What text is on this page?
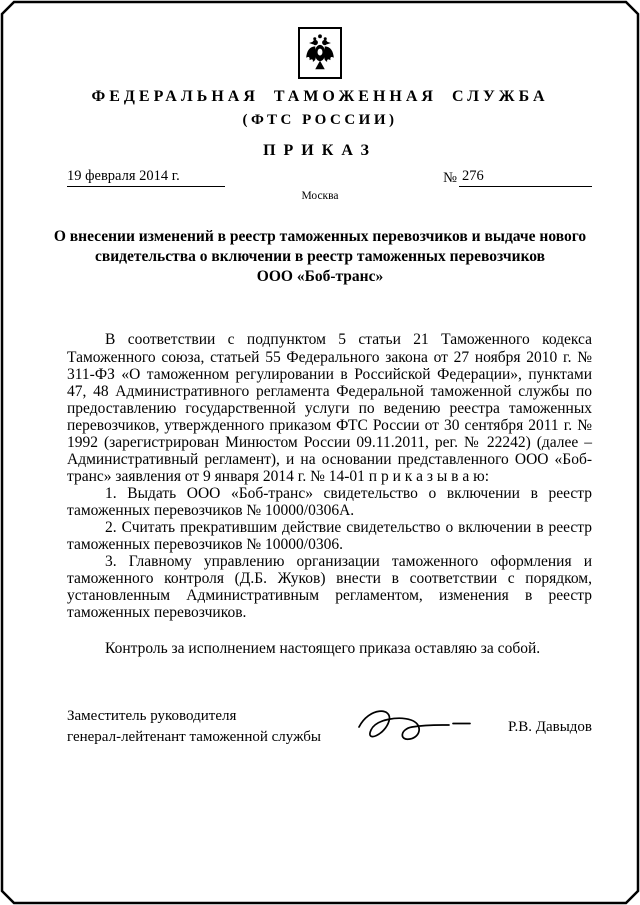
ФЕДЕРАЛЬНАЯ ТАМОЖЕННАЯ СЛУЖБА
(ФТС РОССИИ)
ПРИКАЗ
19 февраля 2014 г.	№ 276
Москва
О внесении изменений в реестр таможенных перевозчиков и выдаче нового
свидетельства о включении в реестр таможенных перевозчиков
ООО «Боб-транс»

В соответствии с подпунктом 5 статьи 21 Таможенного кодекса Таможенного союза, статьей 55 Федерального закона от 27 ноября 2010 г. № 311-ФЗ «О таможенном регулировании в Российской Федерации», пунктами 47, 48 Административного регламента Федеральной таможенной службы по предоставлению государственной услуги по ведению реестра таможенных перевозчиков, утвержденного приказом ФТС России от 30 сентября 2011 г. № 1992 (зарегистрирован Минюстом России 09.11.2011, рег. № 22242) (далее – Административный регламент), и на основании представленного ООО «Боб-транс» заявления от 9 января 2014 г. № 14-01 п р и к а з ы в а ю:

1. Выдать ООО «Боб-транс» свидетельство о включении в реестр таможенных перевозчиков № 10000/0306А.

2. Считать прекратившим действие свидетельство о включении в реестр таможенных перевозчиков № 10000/0306.

3. Главному управлению организации таможенного оформления и таможенного контроля (Д.Б. Жуков) внести в соответствии с порядком, установленным Административным регламентом, изменения в реестр таможенных перевозчиков.

Контроль за исполнением настоящего приказа оставляю за собой.

Заместитель руководителя
генерал-лейтенант таможенной службы
Р.В. Давыдов
